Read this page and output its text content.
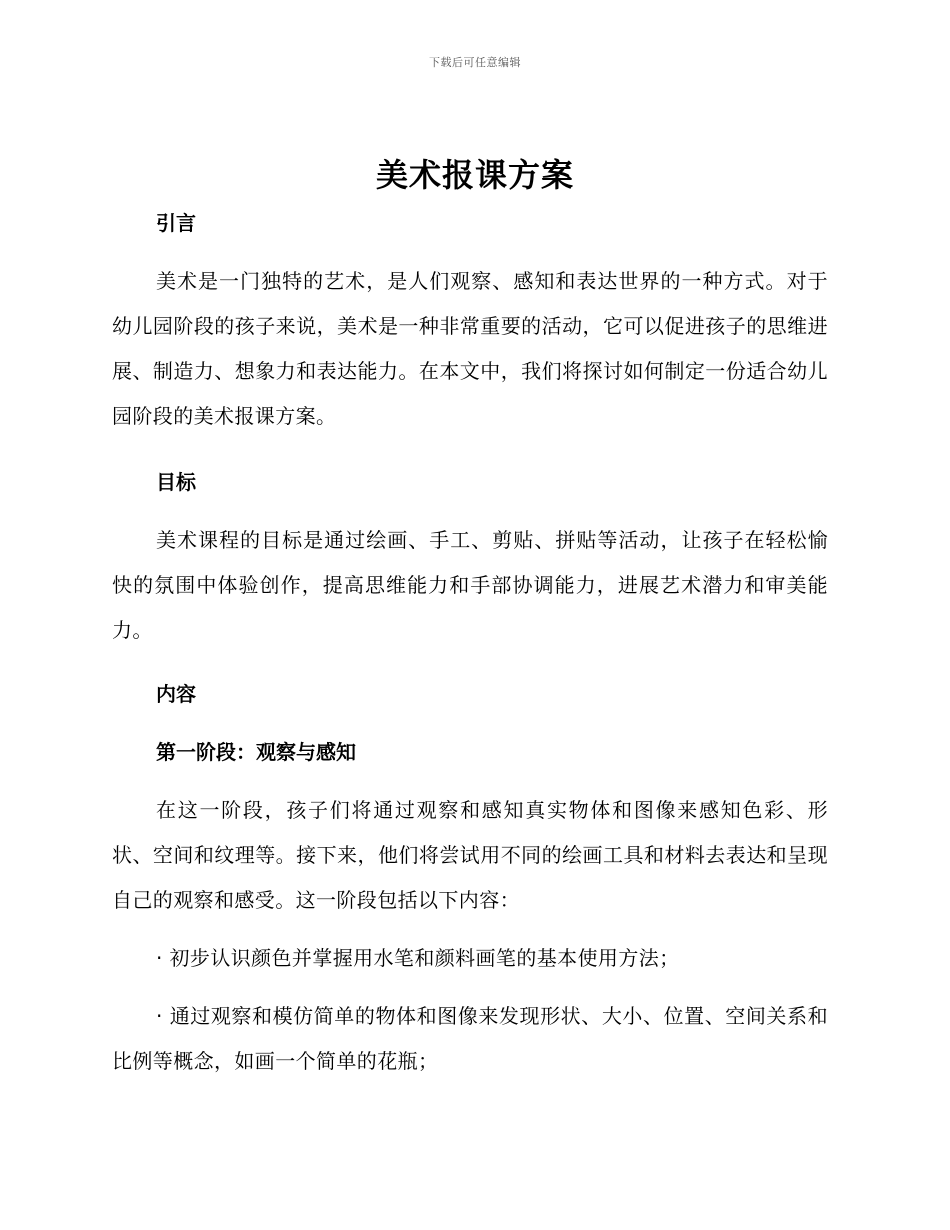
下载后可任意编辑
美术报课方案

引言

美术是一门独特的艺术，是人们观察、感知和表达世界的一种方式。对于幼儿园阶段的孩子来说，美术是一种非常重要的活动，它可以促进孩子的思维进展、制造力、想象力和表达能力。在本文中，我们将探讨如何制定一份适合幼儿园阶段的美术报课方案。

目标

美术课程的目标是通过绘画、手工、剪贴、拼贴等活动，让孩子在轻松愉快的氛围中体验创作，提高思维能力和手部协调能力，进展艺术潜力和审美能力。

内容

第一阶段：观察与感知

在这一阶段，孩子们将通过观察和感知真实物体和图像来感知色彩、形状、空间和纹理等。接下来，他们将尝试用不同的绘画工具和材料去表达和呈现自己的观察和感受。这一阶段包括以下内容：

· 初步认识颜色并掌握用水笔和颜料画笔的基本使用方法；

· 通过观察和模仿简单的物体和图像来发现形状、大小、位置、空间关系和比例等概念，如画一个简单的花瓶；
